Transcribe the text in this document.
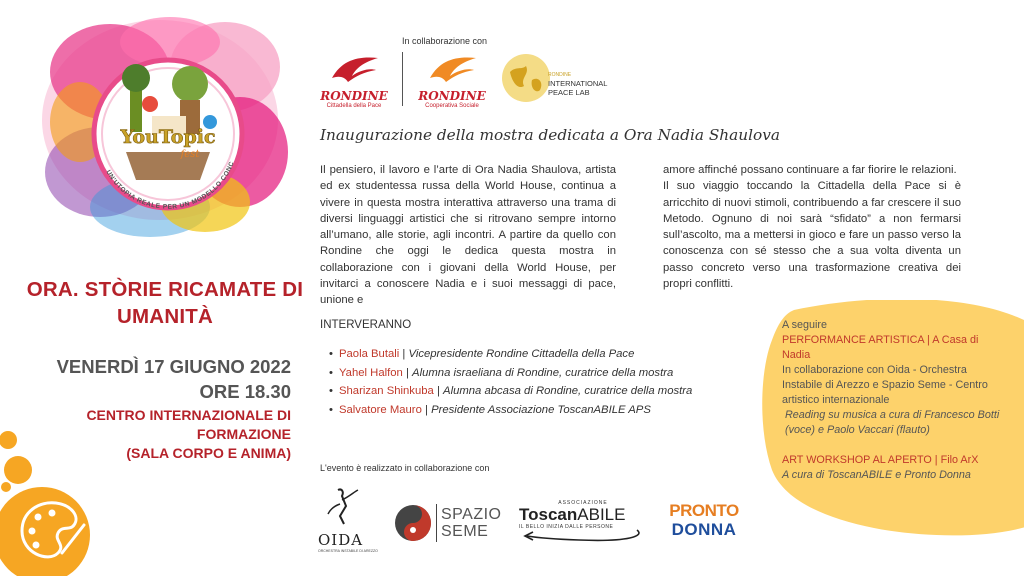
YouTopic
fest
UN'UTOPIA REALE PER UN MODELLO CONC
ORA. STÒRIE RICAMATE DI
UMANITÀ
VENERDÌ 17 GIUGNO 2022
ORE 18.30
CENTRO INTERNAZIONALE DI
FORMAZIONE
(SALA CORPO E ANIMA)
In collaborazione con
RONDINE
Cittadella della Pace
RONDINE
Cooperativa Sociale
RONDINE
INTERNATIONAL
PEACE LAB
Inaugurazione della mostra dedicata a Ora Nadia Shaulova

Il pensiero, il lavoro e l’arte di Ora Nadia Shaulova, artista ed ex studentessa russa della World House, continua a vivere in questa mostra interattiva attraverso una trama di diversi linguaggi artistici che si ritrovano sempre intorno all’umano, alle storie, agli incontri. A partire da quello con Rondine che oggi le dedica questa mostra in collaborazione con i giovani della World House, per invitarci a conoscere Nadia e i suoi messaggi di pace, unione e

amore affinché possano continuare a far fiorire le relazioni.

Il suo viaggio toccando la Cittadella della Pace si è arricchito di nuovi stimoli, contribuendo a far crescere il suo Metodo. Ognuno di noi sarà “sfidato” a non fermarsi sull’ascolto, ma a mettersi in gioco e fare un passo verso la conoscenza con sé stesso che a sua volta diventa un passo concreto verso una trasformazione creativa dei propri conflitti.

INTERVERANNO
• Paola Butali | Vicepresidente Rondine Cittadella della Pace
• Yahel Halfon | Alumna israeliana di Rondine, curatrice della mostra
• Sharizan Shinkuba | Alumna abcasa di Rondine, curatrice della mostra
• Salvatore Mauro | Presidente Associazione ToscanABILE APS
L'evento è realizzato in collaborazione con
OIDA
ORCHESTRA INSTABILE DI AREZZO
SPAZIO
SEME
ASSOCIAZIONE
ToscanABILE
IL BELLO INIZIA DALLE PERSONE
PRONTO
DONNA
A seguire
PERFORMANCE ARTISTICA | A Casa di Nadia
In collaborazione con Oida - Orchestra Instabile di Arezzo e Spazio Seme - Centro artistico internazionale
Reading su musica a cura di Francesco Botti (voce) e Paolo Vaccari (flauto)
ART WORKSHOP AL APERTO | Filo ArX
A cura di ToscanABILE e Pronto Donna
